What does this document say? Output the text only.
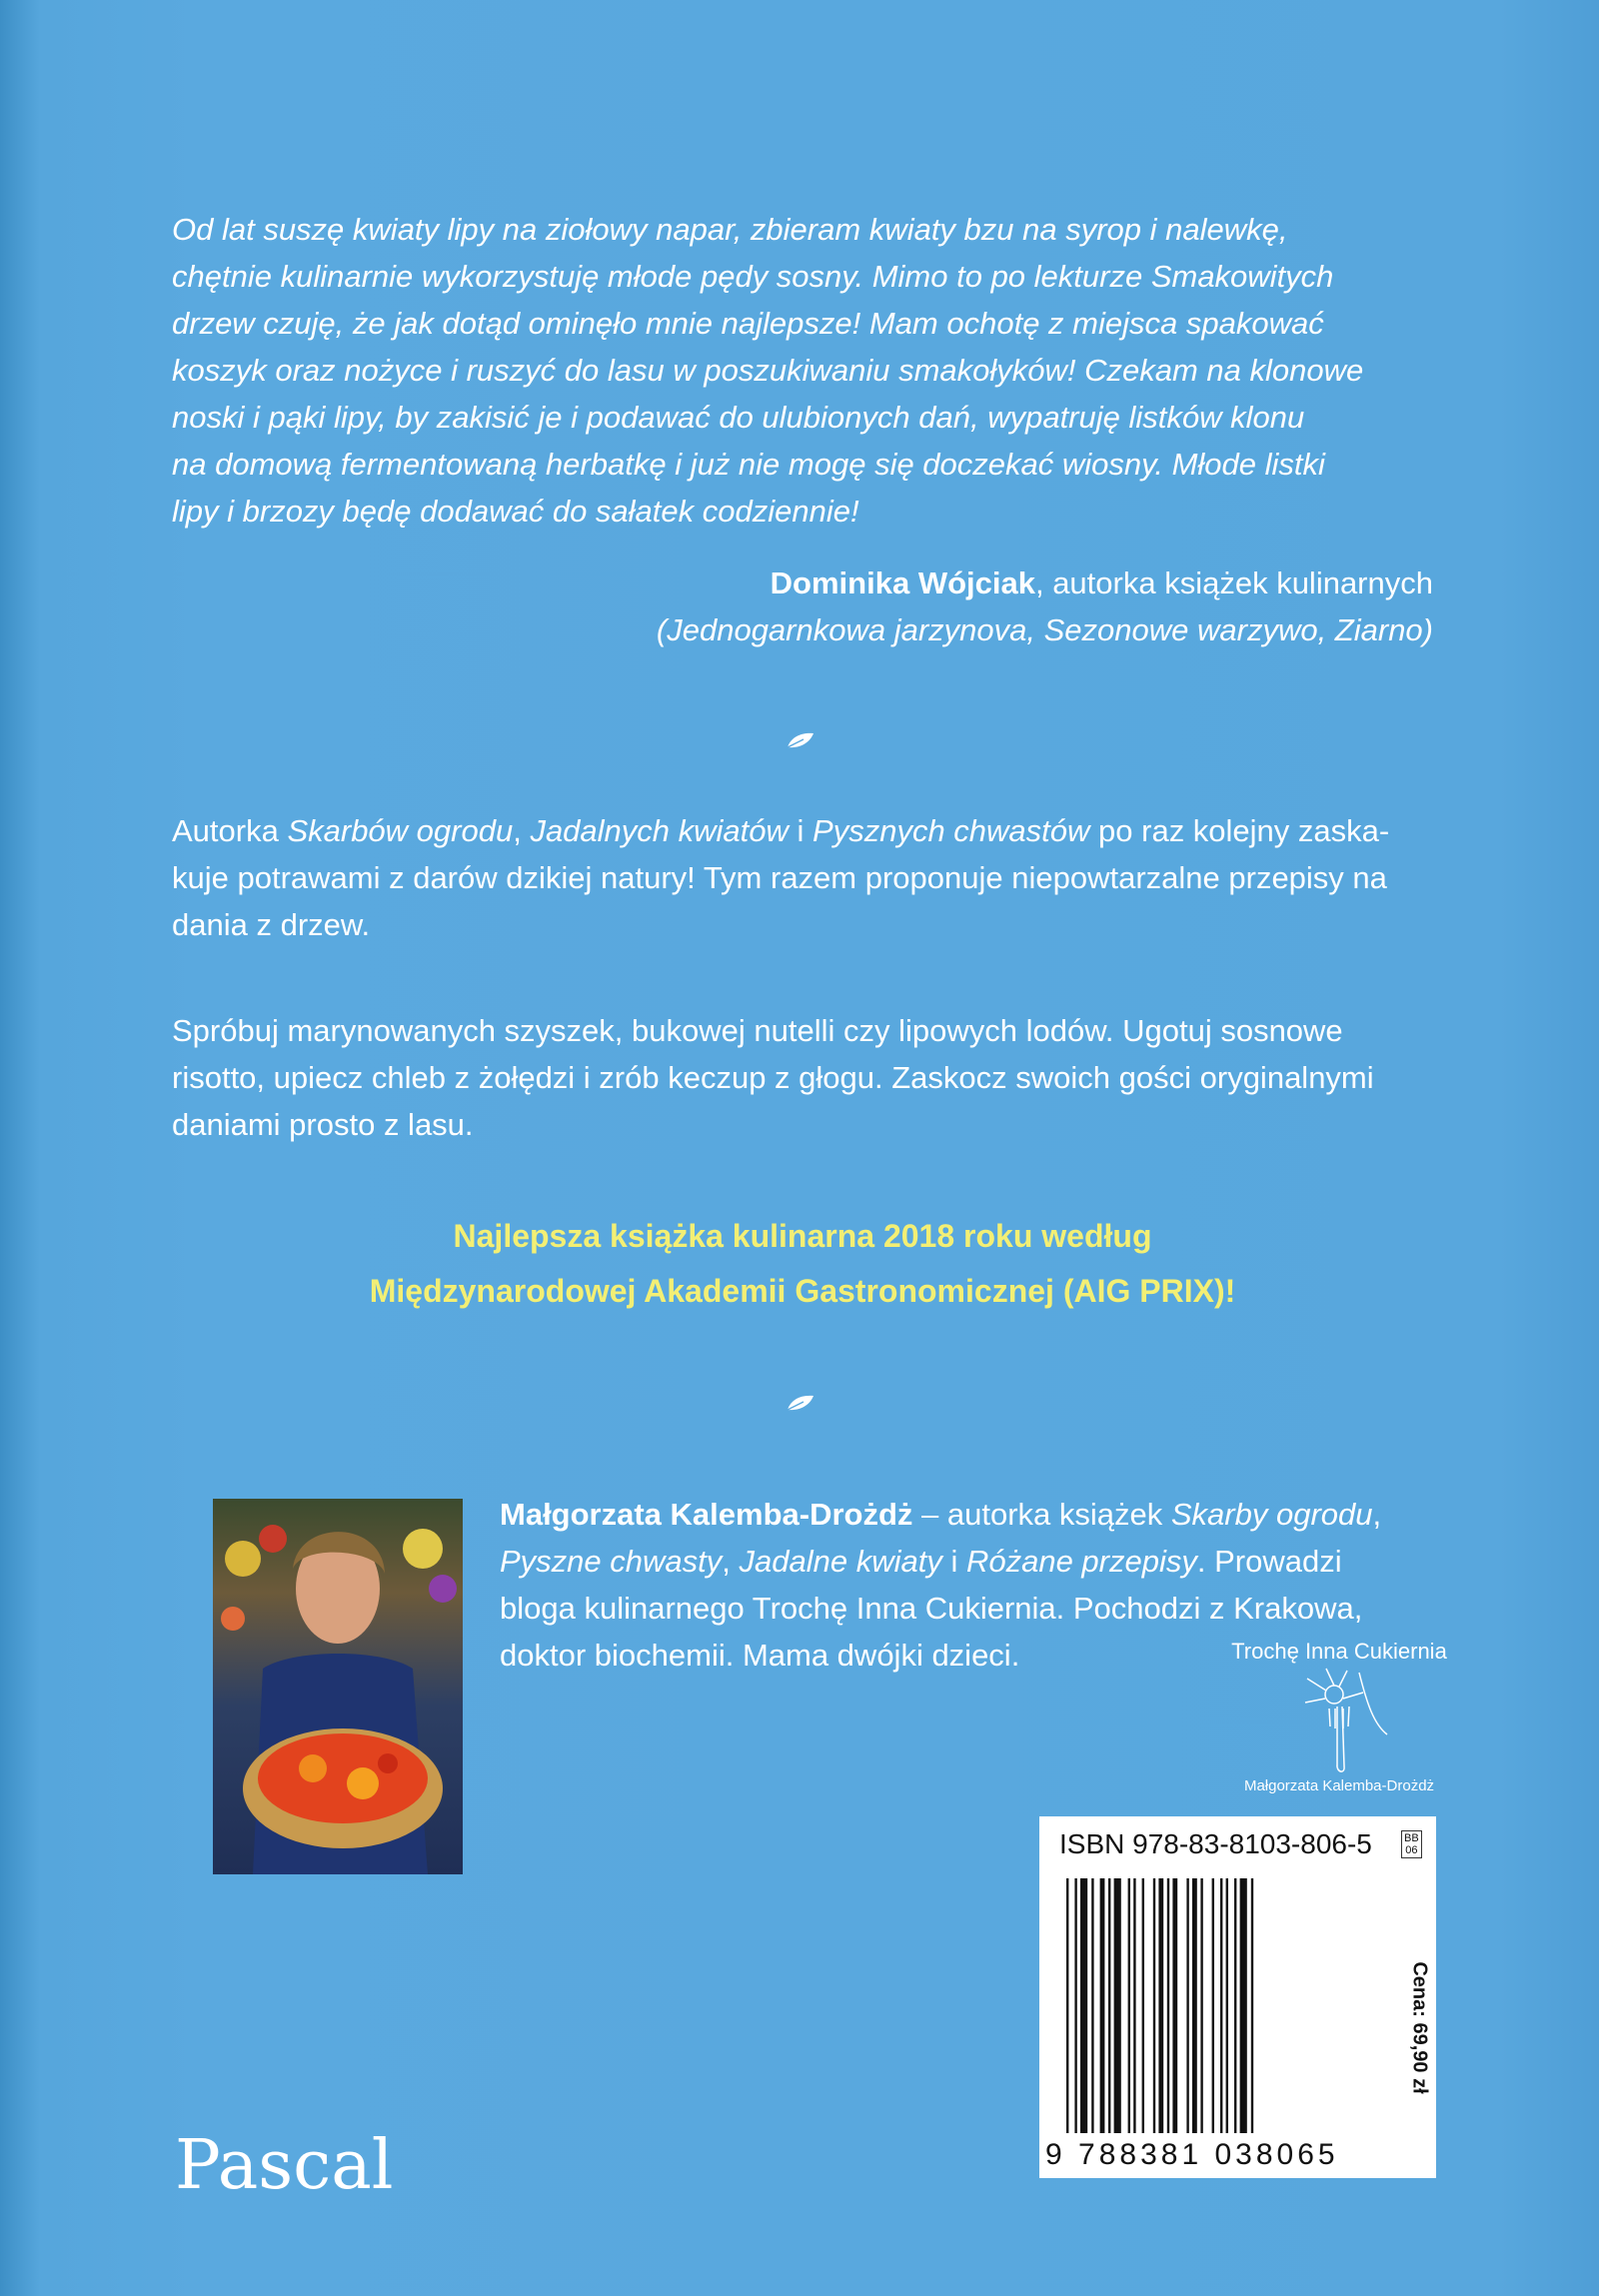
Od lat suszę kwiaty lipy na ziołowy napar, zbieram kwiaty bzu na syrop i nalewkę,
chętnie kulinarnie wykorzystuję młode pędy sosny. Mimo to po lekturze Smakowitych
drzew czuję, że jak dotąd ominęło mnie najlepsze! Mam ochotę z miejsca spakować
koszyk oraz nożyce i ruszyć do lasu w poszukiwaniu smakołyków! Czekam na klonowe
noski i pąki lipy, by zakisić je i podawać do ulubionych dań, wypatruję listków klonu
na domową fermentowaną herbatkę i już nie mogę się doczekać wiosny. Młode listki
lipy i brzozy będę dodawać do sałatek codziennie!
Dominika Wójciak, autorka książek kulinarnych
(Jednogarnkowa jarzynova, Sezonowe warzywo, Ziarno)
Autorka Skarbów ogrodu, Jadalnych kwiatów i Pysznych chwastów po raz kolejny zaska-
kuje potrawami z darów dzikiej natury! Tym razem proponuje niepowtarzalne przepisy na
dania z drzew.
Spróbuj marynowanych szyszek, bukowej nutelli czy lipowych lodów. Ugotuj sosnowe
risotto, upiecz chleb z żołędzi i zrób keczup z głogu. Zaskocz swoich gości oryginalnymi
daniami prosto z lasu.
Najlepsza książka kulinarna 2018 roku według
Międzynarodowej Akademii Gastronomicznej (AIG PRIX)!
Małgorzata Kalemba-Drożdż – autorka książek Skarby ogrodu,
Pyszne chwasty, Jadalne kwiaty i Różane przepisy. Prowadzi
bloga kulinarnego Trochę Inna Cukiernia. Pochodzi z Krakowa,
doktor biochemii. Mama dwójki dzieci.	Trochę Inna Cukiernia
Małgorzata Kalemba-Drożdż
ISBN 978-83-8103-806-5	BB
06
9 788381 038065
Cena: 69,90 zł
Pascal
